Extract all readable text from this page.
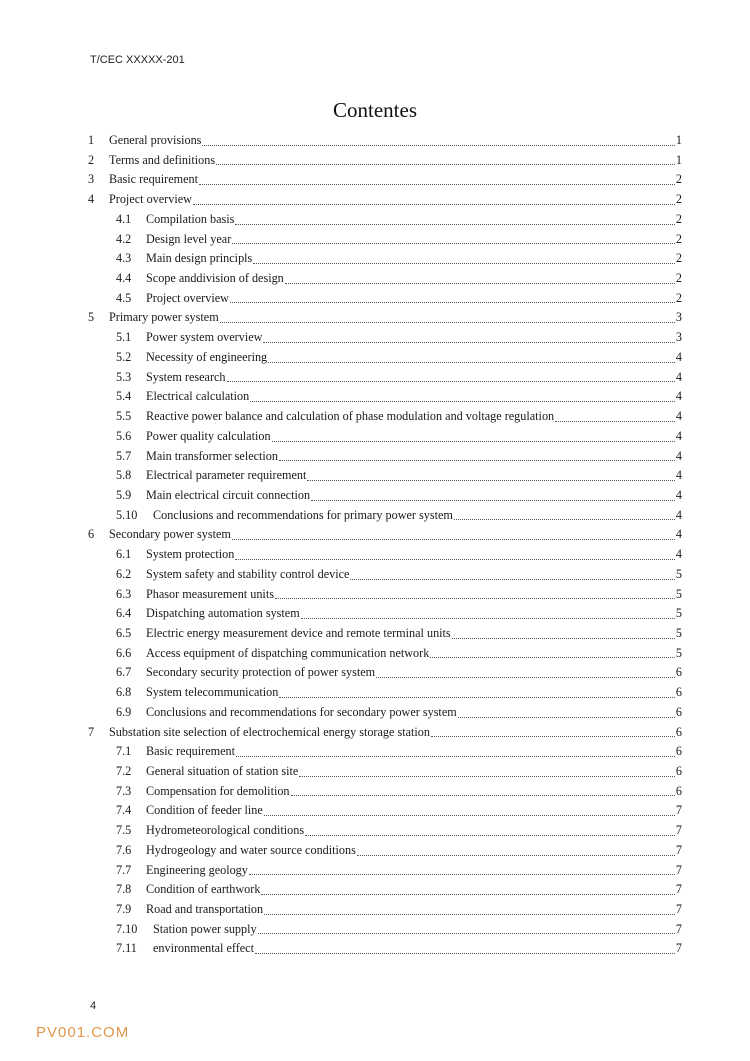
T/CEC XXXXX-201
Contentes
1	General provisions	1
2	Terms and definitions	1
3	Basic requirement	2
4	Project overview	2
4.1	Compilation basis	2
4.2	Design level year	2
4.3	Main design principls	2
4.4	Scope anddivision of design	2
4.5	Project overview	2
5	Primary power system	3
5.1	Power system overview	3
5.2	Necessity of engineering	4
5.3	System research	4
5.4	Electrical calculation	4
5.5	Reactive power balance and calculation of phase modulation and voltage regulation	4
5.6	Power quality calculation	4
5.7	Main transformer selection	4
5.8	Electrical parameter requirement	4
5.9	Main electrical circuit connection	4
5.10	Conclusions and recommendations for primary power system	4
6	Secondary power system	4
6.1	System protection	4
6.2	System safety and stability control device	5
6.3	Phasor measurement units	5
6.4	Dispatching automation system	5
6.5	Electric energy measurement device and remote terminal units	5
6.6	Access equipment of dispatching communication network	5
6.7	Secondary security protection of power system	6
6.8	System telecommunication	6
6.9	Conclusions and recommendations for secondary power system	6
7	Substation site selection of electrochemical energy storage station	6
7.1	Basic requirement	6
7.2	General situation of station site	6
7.3	Compensation for demolition	6
7.4	Condition of feeder line	7
7.5	Hydrometeorological conditions	7
7.6	Hydrogeology and water source conditions	7
7.7	Engineering geology	7
7.8	Condition of earthwork	7
7.9	Road and transportation	7
7.10	Station power supply	7
7.11	environmental effect	7
4
PV001.COM
